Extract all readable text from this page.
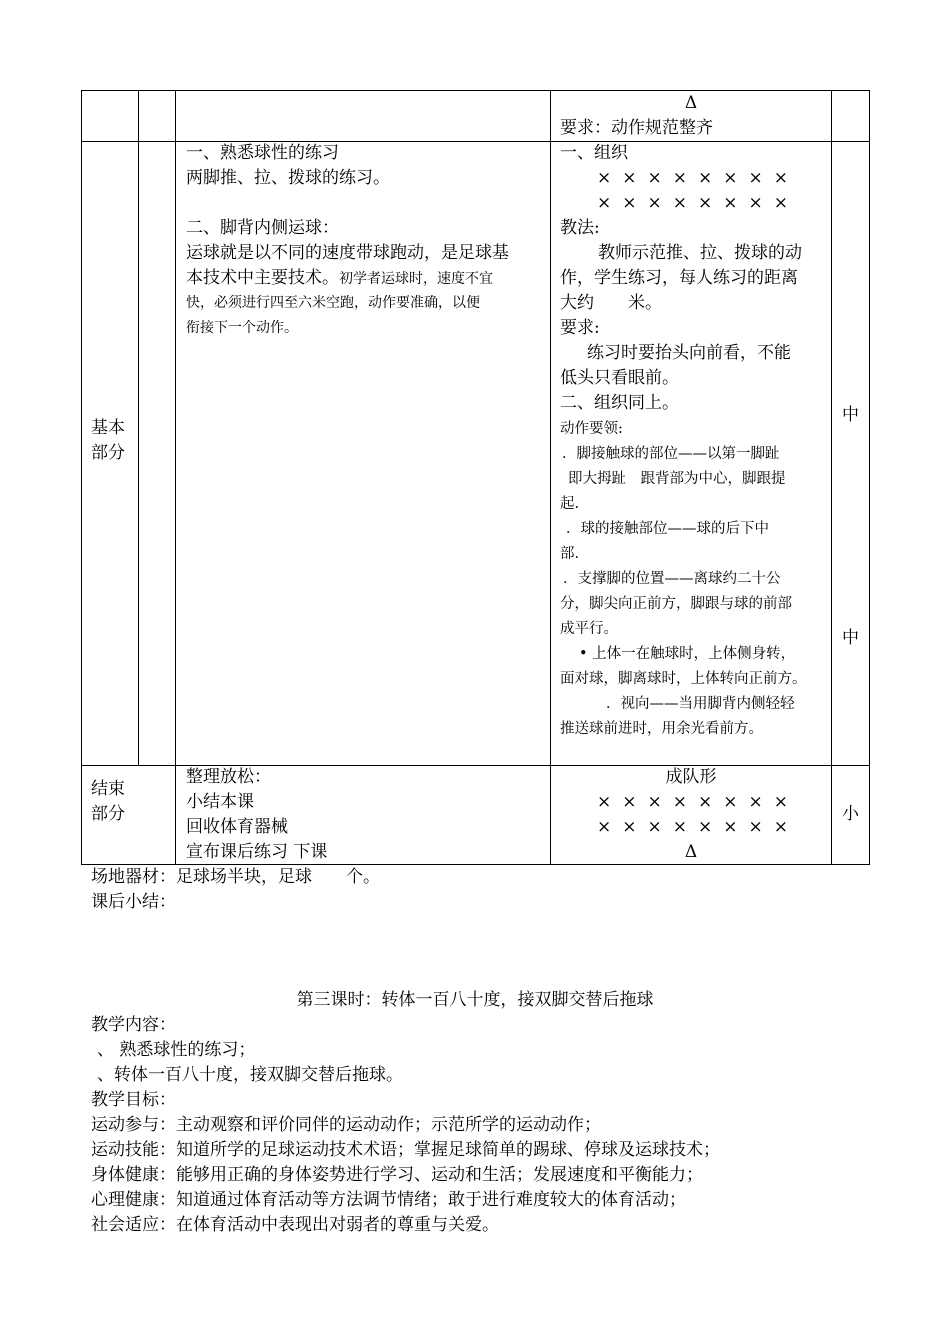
Δ
要求：动作规范整齐
基本
部分
一、熟悉球性的练习
两脚推、拉、拨球的练习。
二、脚背内侧运球：
运球就是以不同的速度带球跑动，是足球基
本技术中主要技术。初学者运球时，速度不宜
快，必须进行四至六米空跑，动作要准确，以便
衔接下一个动作。
一、组织
××××××××
××××××××
教法:
教师示范推、拉、拨球的动
作，学生练习，每人练习的距离
大约　　米。
要求:
练习时要抬头向前看，不能
低头只看眼前。
二、组织同上。
动作要领:
．脚接触球的部位——以第一脚趾
即大拇趾　跟背部为中心，脚跟提
起.
．球的接触部位——球的后下中
部.
．支撑脚的位置——离球约二十公
分，脚尖向正前方，脚跟与球的前部
成平行。
• 上体一在触球时，上体侧身转，
面对球，脚离球时，上体转向正前方。
．视向——当用脚背内侧轻轻
推送球前进时，用余光看前方。
中
中
结束
部分
整理放松：
小结本课
回收体育器械
宣布课后练习 下课
成队形
××××××××
××××××××
Δ
小
场地器材：足球场半块，足球　　个。
课后小结：
第三课时：转体一百八十度，接双脚交替后拖球
教学内容：
、 熟悉球性的练习；
、转体一百八十度，接双脚交替后拖球。
教学目标：
运动参与：主动观察和评价同伴的运动动作；示范所学的运动动作；
运动技能：知道所学的足球运动技术术语；掌握足球简单的踢球、停球及运球技术；
身体健康：能够用正确的身体姿势进行学习、运动和生活；发展速度和平衡能力；
心理健康：知道通过体育活动等方法调节情绪；敢于进行难度较大的体育活动；
社会适应：在体育活动中表现出对弱者的尊重与关爱。
